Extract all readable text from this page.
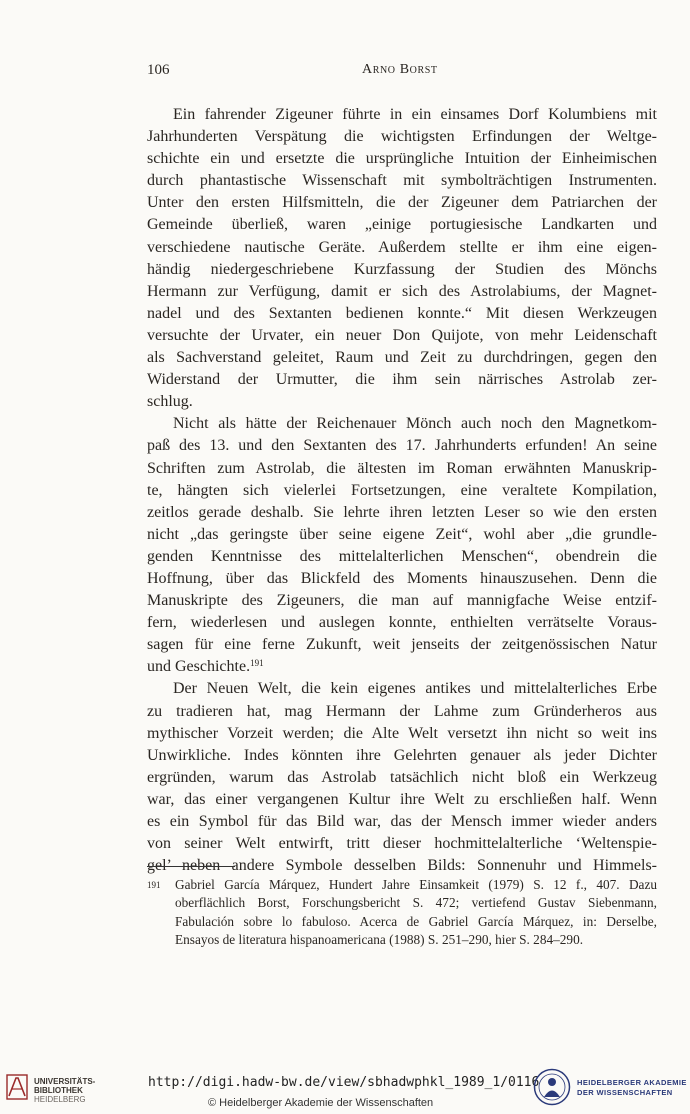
106	Arno Borst
Ein fahrender Zigeuner führte in ein einsames Dorf Kolumbiens mit
Jahrhunderten Verspätung die wichtigsten Erfindungen der Weltge-
schichte ein und ersetzte die ursprüngliche Intuition der Einheimischen
durch phantastische Wissenschaft mit symbolträchtigen Instrumenten.
Unter den ersten Hilfsmitteln, die der Zigeuner dem Patriarchen der
Gemeinde überließ, waren „einige portugiesische Landkarten und
verschiedene nautische Geräte. Außerdem stellte er ihm eine eigen-
händig niedergeschriebene Kurzfassung der Studien des Mönchs
Hermann zur Verfügung, damit er sich des Astrolabiums, der Magnet-
nadel und des Sextanten bedienen konnte.“ Mit diesen Werkzeugen
versuchte der Urvater, ein neuer Don Quijote, von mehr Leidenschaft
als Sachverstand geleitet, Raum und Zeit zu durchdringen, gegen den
Widerstand der Urmutter, die ihm sein närrisches Astrolab zer-
schlug.
Nicht als hätte der Reichenauer Mönch auch noch den Magnetkom-
paß des 13. und den Sextanten des 17. Jahrhunderts erfunden! An seine
Schriften zum Astrolab, die ältesten im Roman erwähnten Manuskrip-
te, hängten sich vielerlei Fortsetzungen, eine veraltete Kompilation,
zeitlos gerade deshalb. Sie lehrte ihren letzten Leser so wie den ersten
nicht „das geringste über seine eigene Zeit“, wohl aber „die grundle-
genden Kenntnisse des mittelalterlichen Menschen“, obendrein die
Hoffnung, über das Blickfeld des Moments hinauszusehen. Denn die
Manuskripte des Zigeuners, die man auf mannigfache Weise entzif-
fern, wiederlesen und auslegen konnte, enthielten verrätselte Voraus-
sagen für eine ferne Zukunft, weit jenseits der zeitgenössischen Natur
und Geschichte.$^{191}$
Der Neuen Welt, die kein eigenes antikes und mittelalterliches Erbe
zu tradieren hat, mag Hermann der Lahme zum Gründerheros aus
mythischer Vorzeit werden; die Alte Welt versetzt ihn nicht so weit ins
Unwirkliche. Indes könnten ihre Gelehrten genauer als jeder Dichter
ergründen, warum das Astrolab tatsächlich nicht bloß ein Werkzeug
war, das einer vergangenen Kultur ihre Welt zu erschließen half. Wenn
es ein Symbol für das Bild war, das der Mensch immer wieder anders
von seiner Welt entwirft, tritt dieser hochmittelalterliche ‘Weltenspie-
gel’ neben andere Symbole desselben Bilds: Sonnenuhr und Himmels-
191 Gabriel García Márquez, Hundert Jahre Einsamkeit (1979) S. 12 f., 407. Dazu
oberflächlich Borst, Forschungsbericht S. 472; vertiefend Gustav Siebenmann,
Fabulación sobre lo fabuloso. Acerca de Gabriel García Márquez, in: Derselbe,
Ensayos de literatura hispanoamericana (1988) S. 251–290, hier S. 284–290.
UNIVERSITÄTS-
BIBLIOTHEK
HEIDELBERG
http://digi.hadw-bw.de/view/sbhadwphkl_1989_1/0116
© Heidelberger Akademie der Wissenschaften
HEIDELBERGER AKADEMIE
DER WISSENSCHAFTEN
